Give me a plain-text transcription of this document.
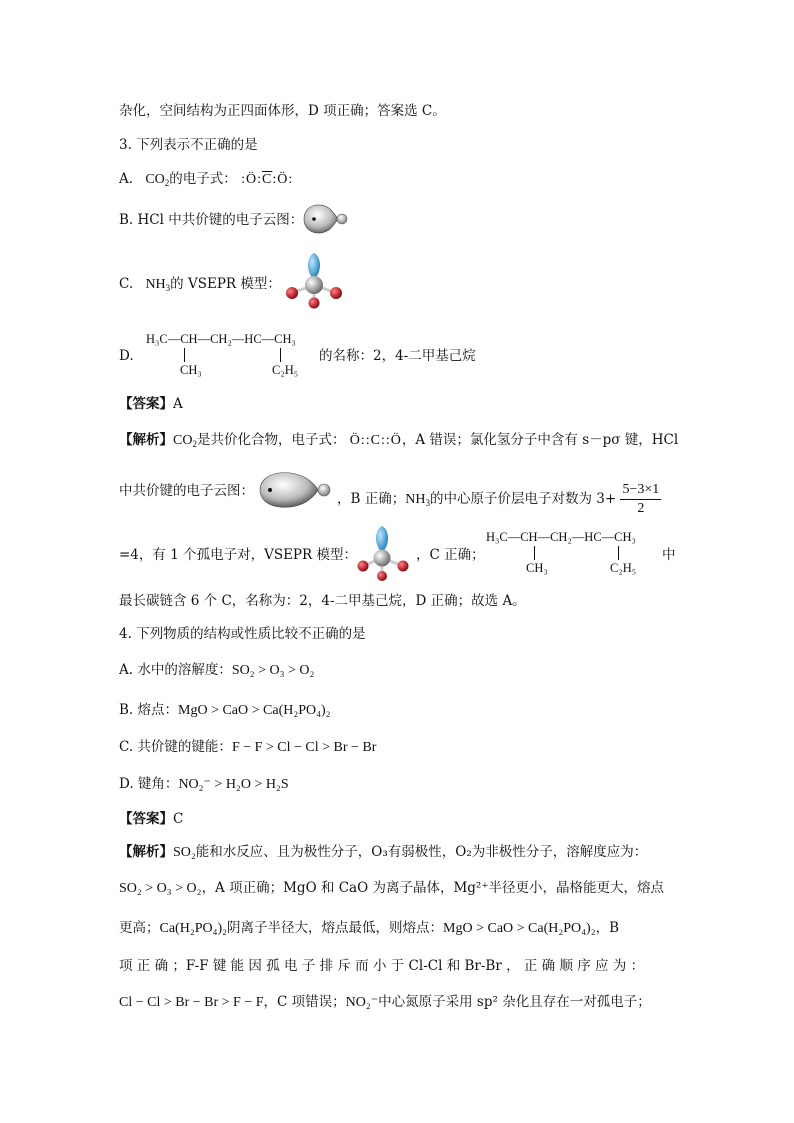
杂化，空间结构为正四面体形，D 项正确；答案选 C。
3. 下列表示不正确的是
A. $CO_2$的电子式： $:Ö:\overline{C}:Ö$:
B. HCl 中共价键的电子云图：
C. $NH_3$的 VSEPR 模型：
D.
H₃C—CH—CH₂—HC—CH₃
CH₃	C₂H₅
的名称：2，4-二甲基己烷
【答案】A
【解析】$CO_2$是共价化合物，电子式： Ö::C::Ö，A 错误；氯化氢分子中含有 s－pσ 键，HCl
中共价键的电子云图：	，B 正确；$NH_3$的中心原子价层电子对数为 $3+ \frac{5-3\times 1}{2}$
=4，有 1 个孤电子对，VSEPR 模型：	，C 正确；
H₃C—CH—CH₂—HC—CH₃
CH₃	C₂H₅
中
最长碳链含 6 个 C，名称为：2，4-二甲基己烷，D 正确；故选 A。
4. 下列物质的结构或性质比较不正确的是
A. 水中的溶解度：SO₂ > O₃ > O₂
B. 熔点：MgO > CaO > Ca(H₂PO₄)₂
C. 共价键的键能：F − F > Cl − Cl > Br − Br
D. 键角：NO₂⁻ > H₂O > H₂S
【答案】C
【解析】SO₂能和水反应、且为极性分子，O₃有弱极性，O₂为非极性分子，溶解度应为：
SO₂ > O₃ > O₂，A 项正确；MgO 和 CaO 为离子晶体，Mg²⁺半径更小，晶格能更大，熔点
更高；Ca(H₂PO₄)₂阴离子半径大，熔点最低，则熔点：MgO > CaO > Ca(H₂PO₄)₂，B
项 正 确 ；F-F 键 能 因 孤 电 子 排 斥 而 小 于 Cl-Cl 和 Br-Br ， 正 确 顺 序 应 为 ：
Cl − Cl > Br − Br > F − F，C 项错误；NO₂⁻中心氮原子采用 sp² 杂化且存在一对孤电子；
